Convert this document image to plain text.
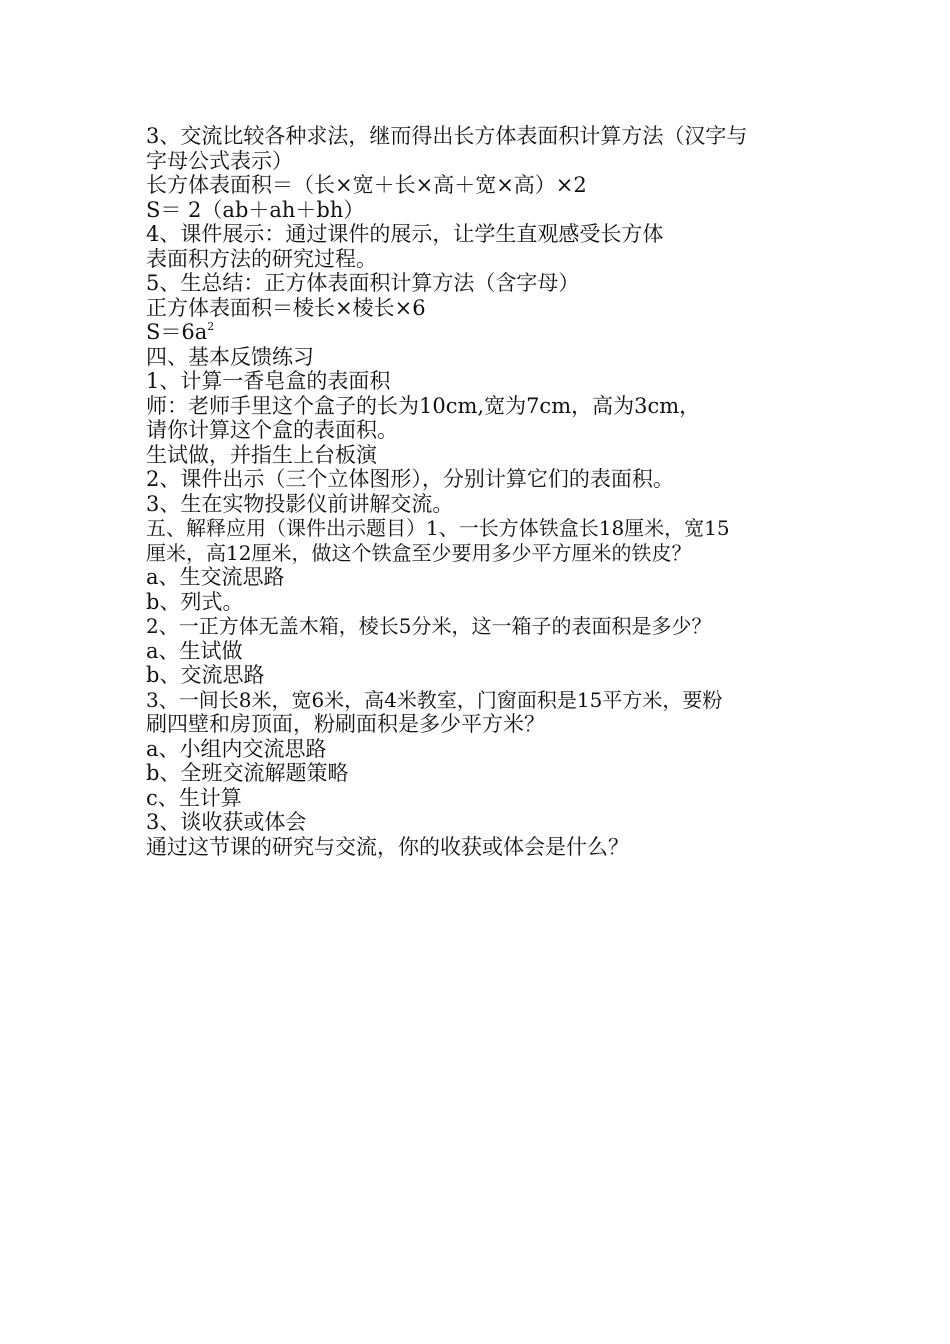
3、交流比较各种求法，继而得出长方体表面积计算方法（汉字与
字母公式表示）
长方体表面积＝（长×宽＋长×高＋宽×高）×2
S＝ 2（ab＋ah＋bh）
4、课件展示：通过课件的展示，让学生直观感受长方体
表面积方法的研究过程。
5、生总结：正方体表面积计算方法（含字母）
正方体表面积＝棱长×棱长×6
$S=6a^2$
四、基本反馈练习
1、计算一香皂盒的表面积
师：老师手里这个盒子的长为10cm,宽为7cm，高为3cm，
请你计算这个盒的表面积。
生试做，并指生上台板演
2、课件出示（三个立体图形），分别计算它们的表面积。
3、生在实物投影仪前讲解交流。
五、解释应用（课件出示题目）1、一长方体铁盒长18厘米，宽15
厘米，高12厘米，做这个铁盒至少要用多少平方厘米的铁皮？
a、生交流思路
b、列式。
2、一正方体无盖木箱，棱长5分米，这一箱子的表面积是多少？
a、生试做
b、交流思路
3、一间长8米，宽6米，高4米教室，门窗面积是15平方米，要粉
刷四壁和房顶面，粉刷面积是多少平方米？
a、小组内交流思路
b、全班交流解题策略
c、生计算
3、谈收获或体会
通过这节课的研究与交流，你的收获或体会是什么？
